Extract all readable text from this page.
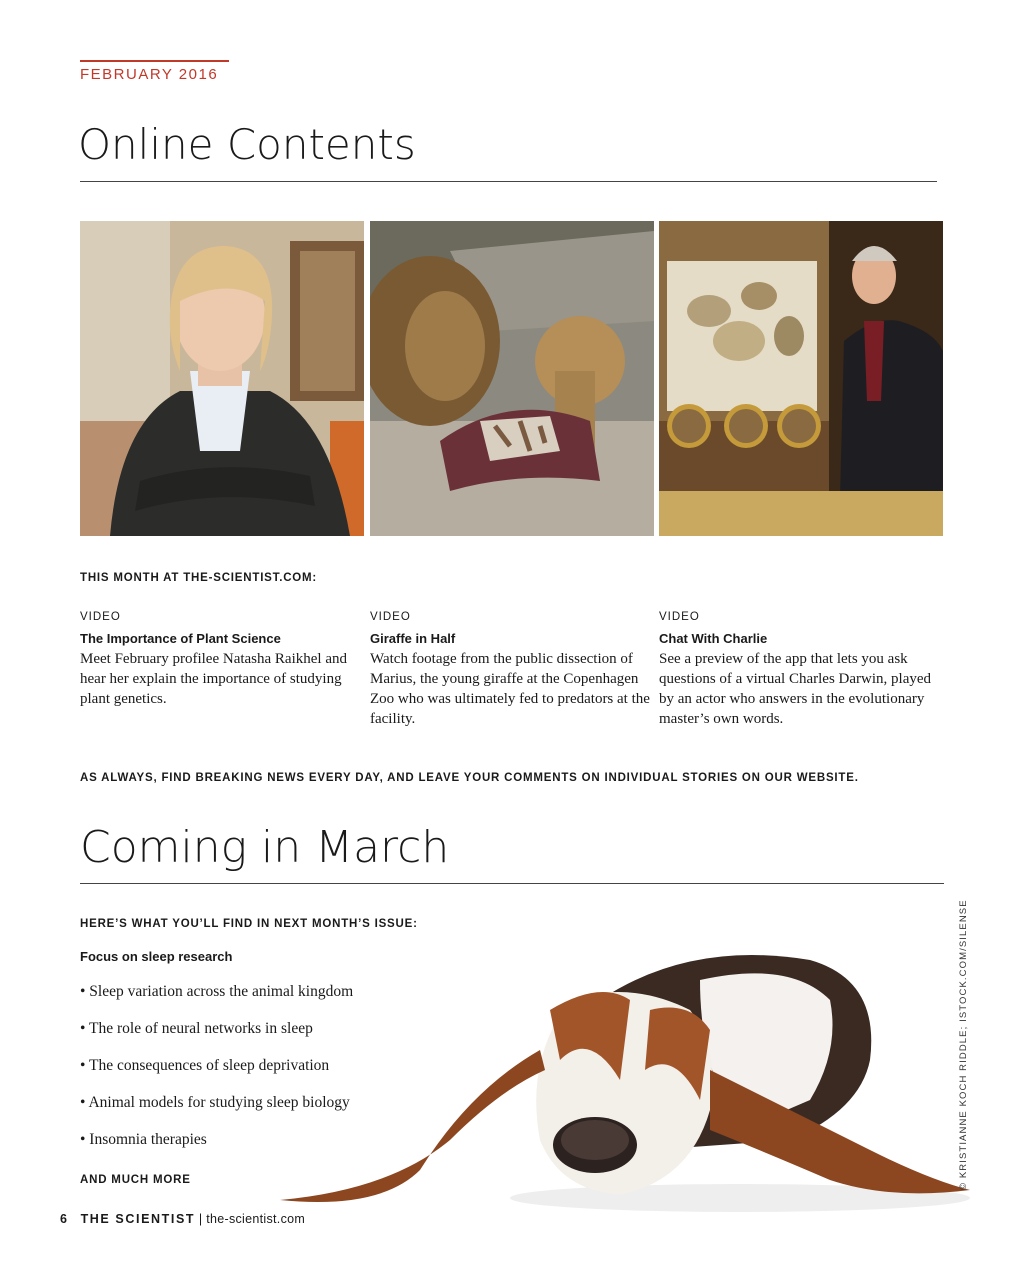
FEBRUARY 2016
Online Contents
THIS MONTH AT THE-SCIENTIST.COM:
VIDEO
The Importance of Plant Science
Meet February profilee Natasha Raikhel and hear her explain the importance of studying plant genetics.
VIDEO
Giraffe in Half
Watch footage from the public dissection of Marius, the young giraffe at the Copenhagen Zoo who was ultimately fed to predators at the facility.
VIDEO
Chat With Charlie
See a preview of the app that lets you ask questions of a virtual Charles Darwin, played by an actor who answers in the evolutionary master’s own words.
AS ALWAYS, FIND BREAKING NEWS EVERY DAY, AND LEAVE YOUR COMMENTS ON INDIVIDUAL STORIES ON OUR WEBSITE.
Coming in March
HERE’S WHAT YOU’LL FIND IN NEXT MONTH’S ISSUE:
Focus on sleep research
• Sleep variation across the animal kingdom
• The role of neural networks in sleep
• The consequences of sleep deprivation
• Animal models for studying sleep biology
• Insomnia therapies
AND MUCH MORE	© KRISTIANNE KOCH RIDDLE; ISTOCK.COM/SILENSE
6 THE SCIENTIST | the-scientist.com
